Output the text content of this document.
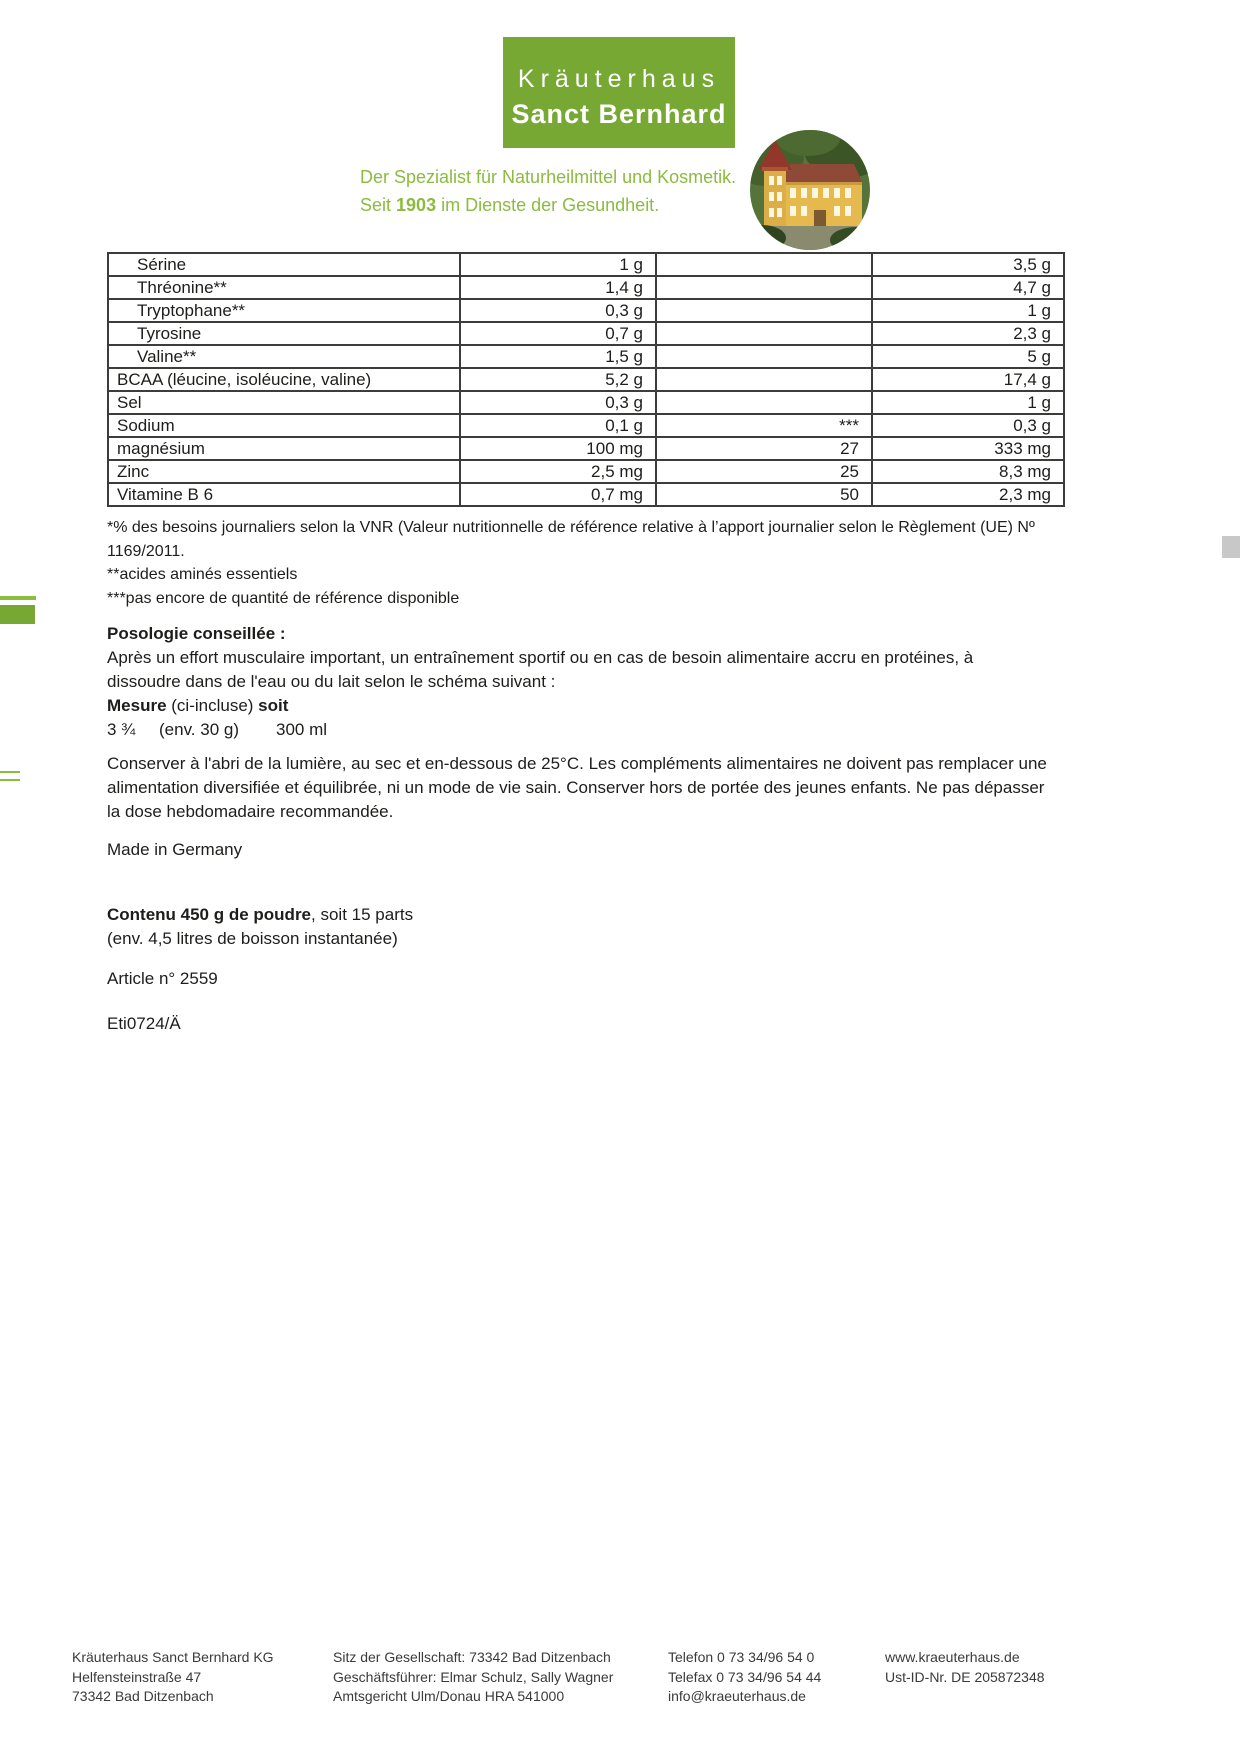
Kräuterhaus
Sanct Bernhard
Der Spezialist für Naturheilmittel und Kosmetik.
Seit 1903 im Dienste der Gesundheit.
Sérine	1 g		3,5 g
Thréonine**	1,4 g		4,7 g
Tryptophane**	0,3 g		1 g
Tyrosine	0,7 g		2,3 g
Valine**	1,5 g		5 g
BCAA (léucine, isoléucine, valine)	5,2 g		17,4 g
Sel	0,3 g		1 g
Sodium	0,1 g	***	0,3 g
magnésium	100 mg	27	333 mg
Zinc	2,5 mg	25	8,3 mg
Vitamine B 6	0,7 mg	50	2,3 mg
*% des besoins journaliers selon la VNR (Valeur nutritionnelle de référence relative à l’apport journalier selon le Règlement (UE) Nº
1169/2011.
**acides aminés essentiels
***pas encore de quantité de référence disponible
Posologie conseillée :
Après un effort musculaire important, un entraînement sportif ou en cas de besoin alimentaire accru en protéines, à
dissoudre dans de l'eau ou du lait selon le schéma suivant :
Mesure (ci-incluse) soit
3 ¾ (env. 30 g) 300 ml
Conserver à l'abri de la lumière, au sec et en-dessous de 25°C. Les compléments alimentaires ne doivent pas remplacer une
alimentation diversifiée et équilibrée, ni un mode de vie sain. Conserver hors de portée des jeunes enfants. Ne pas dépasser
la dose hebdomadaire recommandée.
Made in Germany
Contenu 450 g de poudre, soit 15 parts
(env. 4,5 litres de boisson instantanée)
Article n° 2559
Eti0724/Ä
Kräuterhaus Sanct Bernhard KG
Helfensteinstraße 47
73342 Bad Ditzenbach
Sitz der Gesellschaft: 73342 Bad Ditzenbach
Geschäftsführer: Elmar Schulz, Sally Wagner
Amtsgericht Ulm/Donau HRA 541000
Telefon 0 73 34/96 54 0
Telefax 0 73 34/96 54 44
info@kraeuterhaus.de
www.kraeuterhaus.de
Ust-ID-Nr. DE 205872348
